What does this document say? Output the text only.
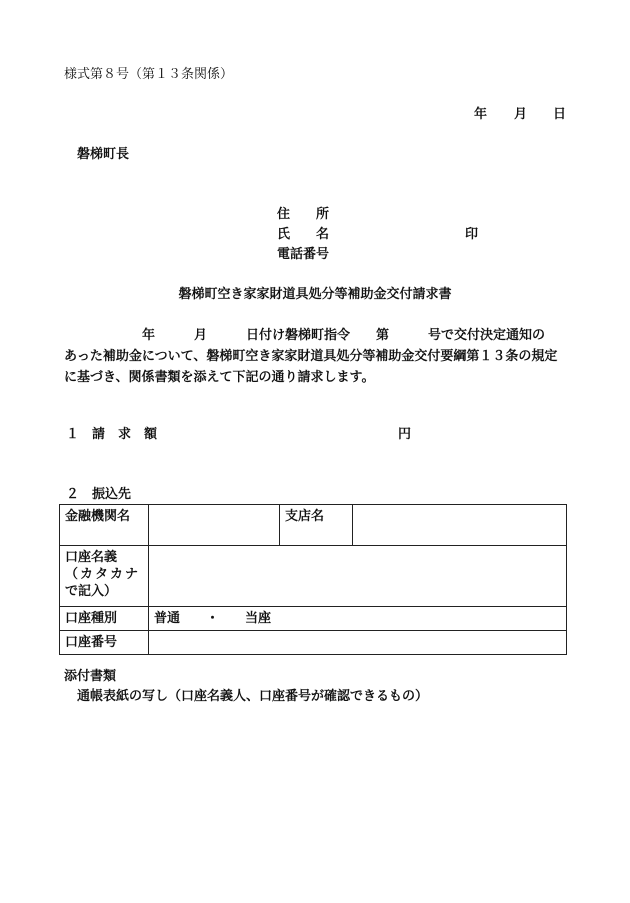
様式第８号（第１３条関係）
年 月 日
磐梯町長
住　　所
氏　　名	印
電話番号
磐梯町空き家家財道具処分等補助金交付請求書
　　　　　　年　　　月　　　日付け磐梯町指令　　第　　　号で交付決定通知の
あった補助金について、磐梯町空き家家財道具処分等補助金交付要綱第１３条の規定
に基づき、関係書類を添えて下記の通り請求します。
１　請　求　額	円
２　振込先
金融機関名		支店名	

口座名義
（カタカナ
で記入）			

口座種別	普通　　・　　当座		
口座番号			
添付書類
通帳表紙の写し（口座名義人、口座番号が確認できるもの）
